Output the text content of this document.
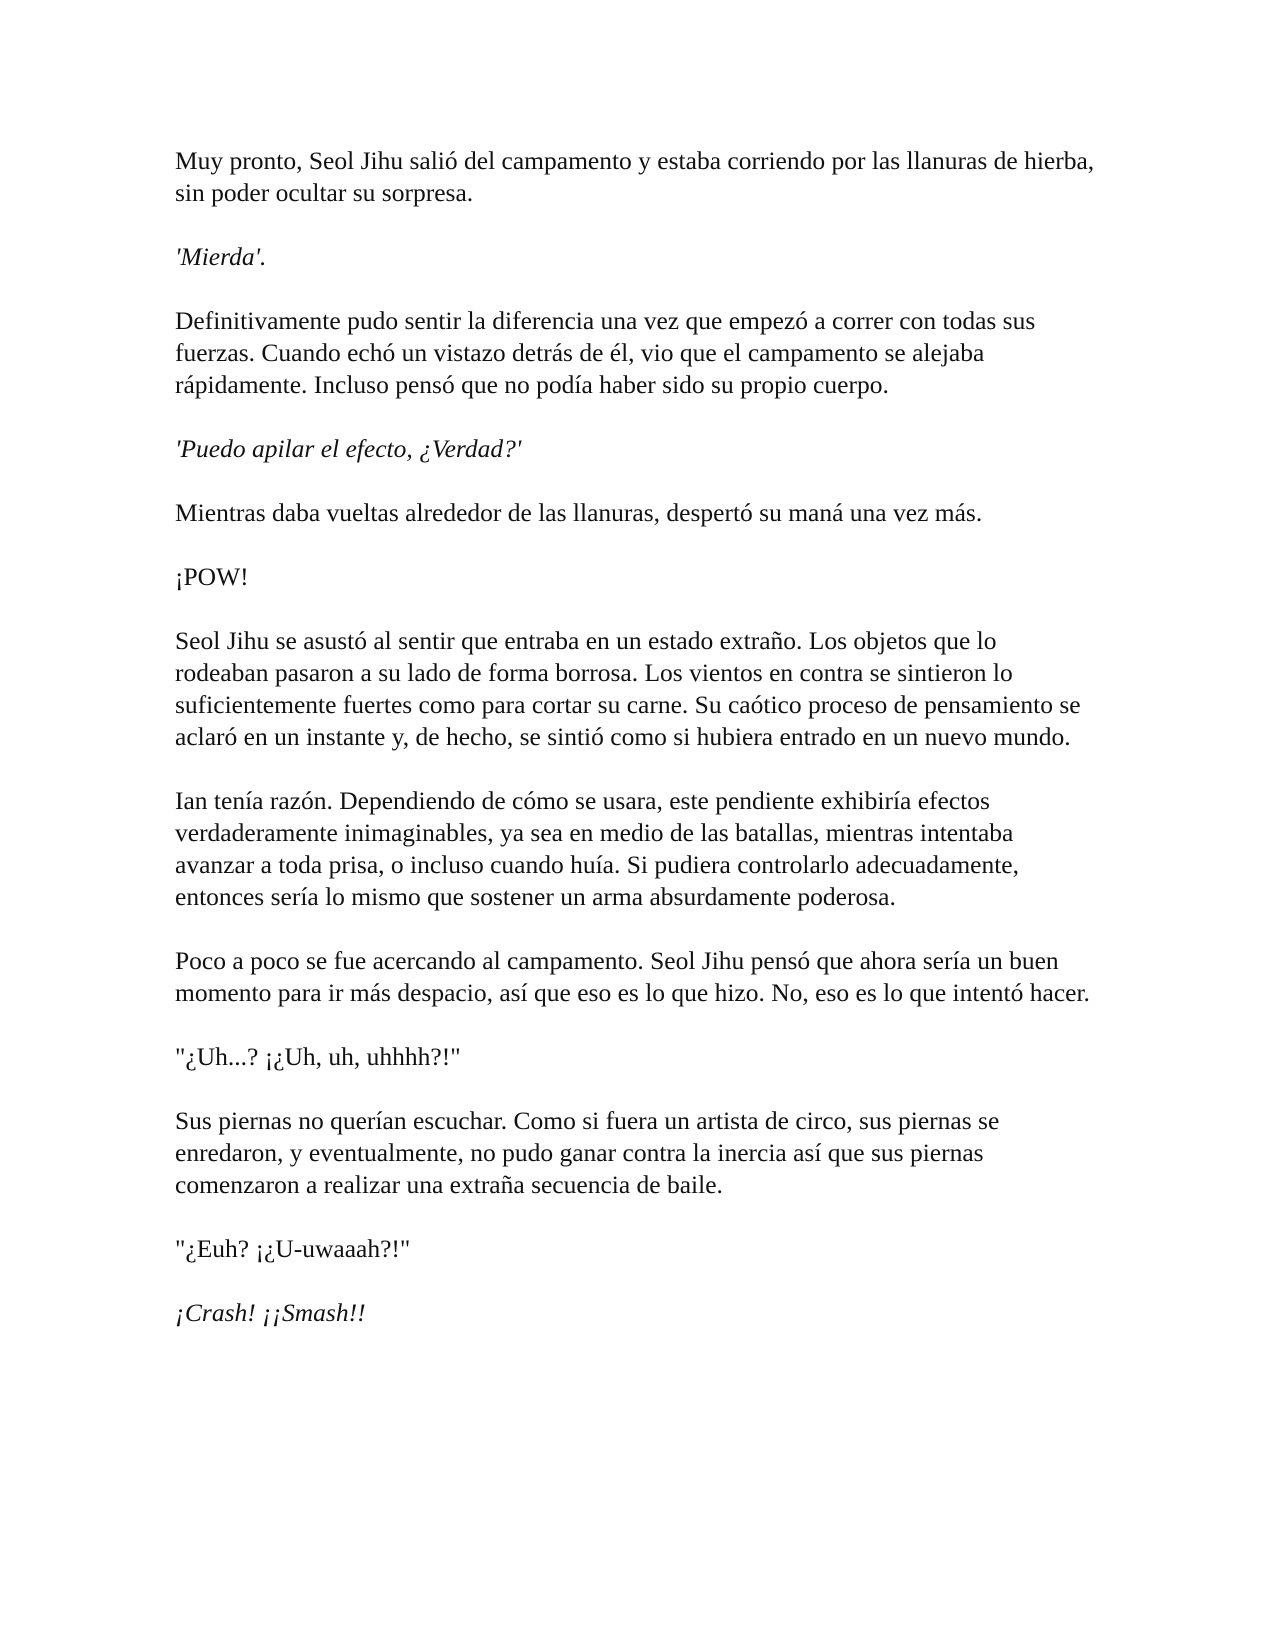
Muy pronto, Seol Jihu salió del campamento y estaba corriendo por las llanuras de hierba, sin poder ocultar su sorpresa.

'Mierda'.

Definitivamente pudo sentir la diferencia una vez que empezó a correr con todas sus fuerzas. Cuando echó un vistazo detrás de él, vio que el campamento se alejaba rápidamente. Incluso pensó que no podía haber sido su propio cuerpo.

'Puedo apilar el efecto, ¿Verdad?'

Mientras daba vueltas alrededor de las llanuras, despertó su maná una vez más.

¡POW!

Seol Jihu se asustó al sentir que entraba en un estado extraño. Los objetos que lo rodeaban pasaron a su lado de forma borrosa. Los vientos en contra se sintieron lo suficientemente fuertes como para cortar su carne. Su caótico proceso de pensamiento se aclaró en un instante y, de hecho, se sintió como si hubiera entrado en un nuevo mundo.

Ian tenía razón. Dependiendo de cómo se usara, este pendiente exhibiría efectos verdaderamente inimaginables, ya sea en medio de las batallas, mientras intentaba avanzar a toda prisa, o incluso cuando huía. Si pudiera controlarlo adecuadamente, entonces sería lo mismo que sostener un arma absurdamente poderosa.

Poco a poco se fue acercando al campamento. Seol Jihu pensó que ahora sería un buen momento para ir más despacio, así que eso es lo que hizo. No, eso es lo que intentó hacer.

"¿Uh...? ¡¿Uh, uh, uhhhh?!"

Sus piernas no querían escuchar. Como si fuera un artista de circo, sus piernas se enredaron, y eventualmente, no pudo ganar contra la inercia así que sus piernas comenzaron a realizar una extraña secuencia de baile.

"¿Euh? ¡¿U-uwaaah?!"

¡Crash! ¡¡Smash!!
